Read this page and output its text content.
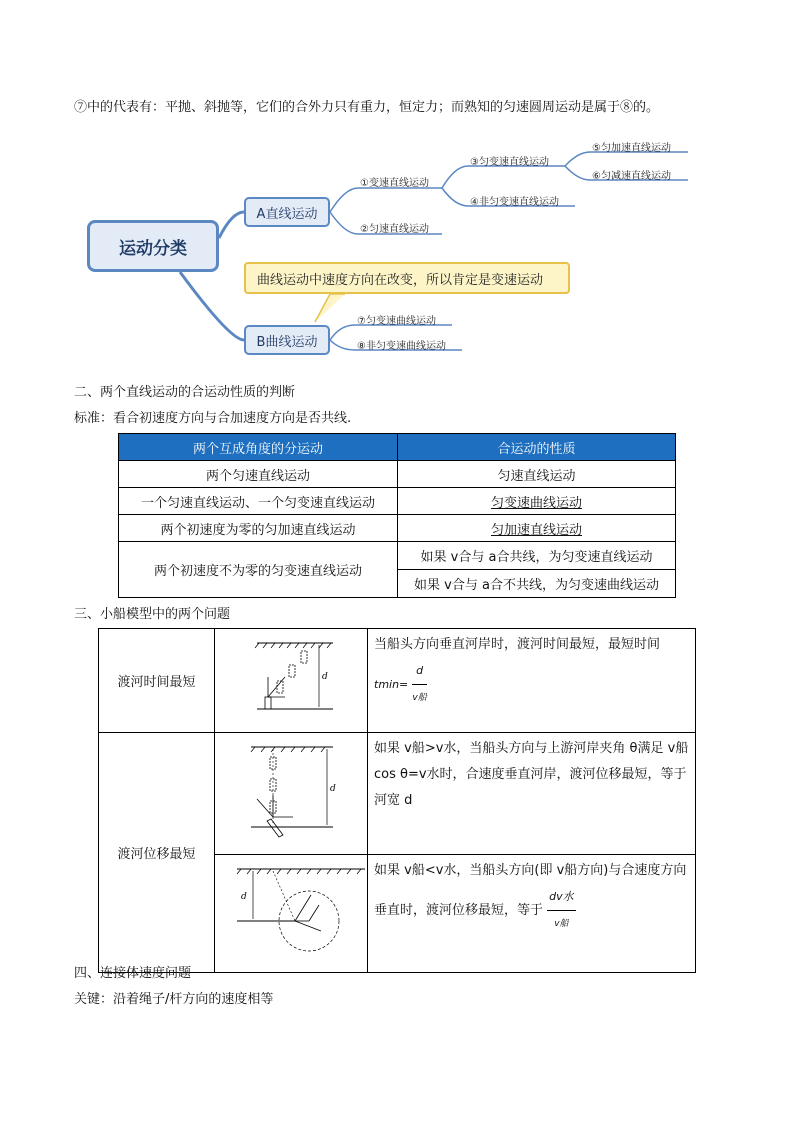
⑦中的代表有：平抛、斜抛等，它们的合外力只有重力，恒定力；而熟知的匀速圆周运动是属于⑧的。
运动分类
A直线运动
B曲线运动
①变速直线运动
②匀速直线运动
③匀变速直线运动
④非匀变速直线运动
⑤匀加速直线运动
⑥匀减速直线运动
⑦匀变速曲线运动
⑧非匀变速曲线运动
曲线运动中速度方向在改变，所以肯定是变速运动
二、两个直线运动的合运动性质的判断
标准：看合初速度方向与合加速度方向是否共线.
两个互成角度的分运动	合运动的性质
两个匀速直线运动	匀速直线运动
一个匀速直线运动、一个匀变速直线运动	匀变速曲线运动
两个初速度为零的匀加速直线运动	匀加速直线运动
两个初速度不为零的匀变速直线运动	如果 v合与 a合共线，为匀变速直线运动
	如果 v合与 a合不共线，为匀变速曲线运动
三、小船模型中的两个问题
渡河时间最短	d	当船头方向垂直河岸时，渡河时间最短，最短时间
$tmin= \frac{d}{\text{v船}}$

渡河位移最短	d	如果 v船>v水，当船头方向与上游河岸夹角 θ满足 v船cos θ=v水时，合速度垂直河岸，渡河位移最短，等于河宽 d

d	如果 v船<v水，当船头方向(即 v船方向)与合速度方向垂直时，渡河位移最短，等于 $\frac{\text{dv水}}{\text{v船}}$
四、连接体速度问题
关键：沿着绳子/杆方向的速度相等
